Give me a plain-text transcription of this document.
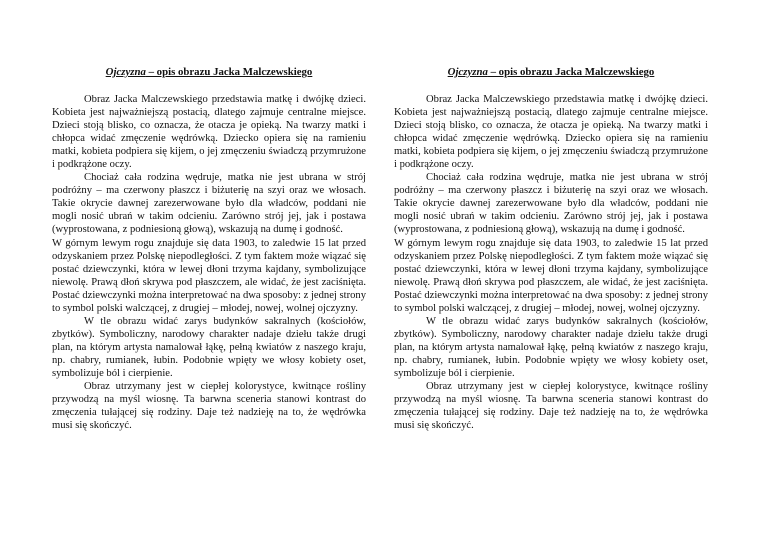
Ojczyzna – opis obrazu Jacka Malczewskiego

Obraz Jacka Malczewskiego przedstawia matkę i dwójkę dzieci. Kobieta jest najważniejszą postacią, dlatego zajmuje centralne miejsce. Dzieci stoją blisko, co oznacza, że otacza je opieką. Na twarzy matki i chłopca widać zmęczenie wędrówką. Dziecko opiera się na ramieniu matki, kobieta podpiera się kijem, o jej zmęczeniu świadczą przymrużone i podkrążone oczy.

Chociaż cała rodzina wędruje, matka nie jest ubrana w strój podróżny – ma czerwony płaszcz i biżuterię na szyi oraz we włosach. Takie okrycie dawnej zarezerwowane było dla władców, poddani nie mogli nosić ubrań w takim odcieniu. Zarówno strój jej, jak i postawa (wyprostowana, z podniesioną głową), wskazują na dumę i godność.

W górnym lewym rogu znajduje się data 1903, to zaledwie 15 lat przed odzyskaniem przez Polskę niepodległości. Z tym faktem może wiązać się postać dziewczynki, która w lewej dłoni trzyma kajdany, symbolizujące niewolę. Prawą dłoń skrywa pod płaszczem, ale widać, że jest zaciśnięta. Postać dziewczynki można interpretować na dwa sposoby: z jednej strony to symbol polski walczącej, z drugiej – młodej, nowej, wolnej ojczyzny.

W tle obrazu widać zarys budynków sakralnych (kościołów, zbytków). Symboliczny, narodowy charakter nadaje dziełu także drugi plan, na którym artysta namalował łąkę, pełną kwiatów z naszego kraju, np. chabry, rumianek, łubin. Podobnie wpięty we włosy kobiety oset, symbolizuje ból i cierpienie.

Obraz utrzymany jest w ciepłej kolorystyce, kwitnące rośliny przywodzą na myśl wiosnę. Ta barwna sceneria stanowi kontrast do zmęczenia tułającej się rodziny. Daje też nadzieję na to, że wędrówka musi się skończyć.

Ojczyzna – opis obrazu Jacka Malczewskiego

Obraz Jacka Malczewskiego przedstawia matkę i dwójkę dzieci. Kobieta jest najważniejszą postacią, dlatego zajmuje centralne miejsce. Dzieci stoją blisko, co oznacza, że otacza je opieką. Na twarzy matki i chłopca widać zmęczenie wędrówką. Dziecko opiera się na ramieniu matki, kobieta podpiera się kijem, o jej zmęczeniu świadczą przymrużone i podkrążone oczy.

Chociaż cała rodzina wędruje, matka nie jest ubrana w strój podróżny – ma czerwony płaszcz i biżuterię na szyi oraz we włosach. Takie okrycie dawnej zarezerwowane było dla władców, poddani nie mogli nosić ubrań w takim odcieniu. Zarówno strój jej, jak i postawa (wyprostowana, z podniesioną głową), wskazują na dumę i godność.

W górnym lewym rogu znajduje się data 1903, to zaledwie 15 lat przed odzyskaniem przez Polskę niepodległości. Z tym faktem może wiązać się postać dziewczynki, która w lewej dłoni trzyma kajdany, symbolizujące niewolę. Prawą dłoń skrywa pod płaszczem, ale widać, że jest zaciśnięta. Postać dziewczynki można interpretować na dwa sposoby: z jednej strony to symbol polski walczącej, z drugiej – młodej, nowej, wolnej ojczyzny.

W tle obrazu widać zarys budynków sakralnych (kościołów, zbytków). Symboliczny, narodowy charakter nadaje dziełu także drugi plan, na którym artysta namalował łąkę, pełną kwiatów z naszego kraju, np. chabry, rumianek, łubin. Podobnie wpięty we włosy kobiety oset, symbolizuje ból i cierpienie.

Obraz utrzymany jest w ciepłej kolorystyce, kwitnące rośliny przywodzą na myśl wiosnę. Ta barwna sceneria stanowi kontrast do zmęczenia tułającej się rodziny. Daje też nadzieję na to, że wędrówka musi się skończyć.
